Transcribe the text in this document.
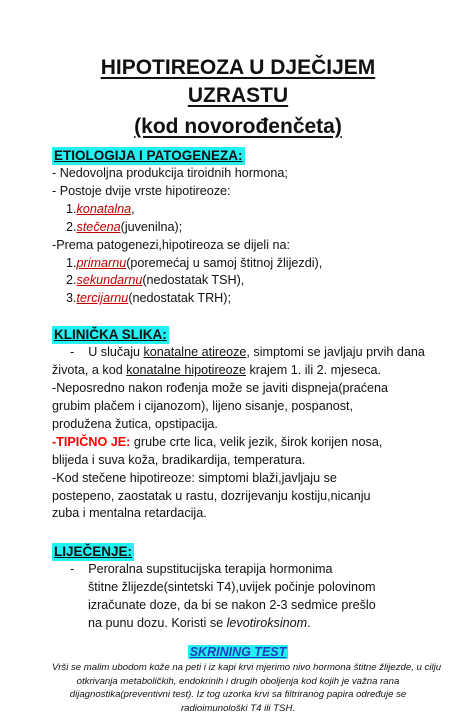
HIPOTIREOZA U DJEČIJEM UZRASTU
(kod novorođenčeta)
ETIOLOGIJA I PATOGENEZA:
- Nedovoljna produkcija tiroidnih hormona;
- Postoje dvije vrste hipotireoze:
1.konatalna,
2.stečena(juvenilna);
-Prema patogenezi,hipotireoza se dijeli na:
1.primarnu(poremećaj u samoj štitnoj žlijezdi),
2.sekundarnu(nedostatak TSH),
3.tercijarnu(nedostatak TRH);
KLINIČKA SLIKA:
- U slučaju konatalne atireoze, simptomi se javljaju prvih dana
života, a kod konatalne hipotireoze krajem 1. ili 2. mjeseca.
-Neposredno nakon rođenja može se javiti dispneja(praćena
grubim plačem i cijanozom), lijeno sisanje, pospanost,
produžena žutica, opstipacija.
-TIPIČNO JE: grube crte lica, velik jezik, širok korijen nosa,
blijeda i suva koža, bradikardija, temperatura.
-Kod stečene hipotireoze: simptomi blaži,javljaju se
postepeno, zaostatak u rastu, dozrijevanju kostiju,nicanju
zuba i mentalna retardacija.
LIJEČENJE:
- Peroralna supstitucijska terapija hormonima
štitne žlijezde(sintetski T4),uvijek počinje polovinom
izračunate doze, da bi se nakon 2-3 sedmice prešlo
na punu dozu. Koristi se levotiroksinom.
SKRINING TEST
Vrši se malim ubodom kože na peti i iz kapi krvi mjerimo nivo hormona štitne žlijezde, u cilju
otkrivanja metaboličkih, endokrinih i drugih obolјenja kod kojih je važna rana
dijagnostika(preventivni test). Iz tog uzorka krvi sa filtriranog papira određuje se
radioimunološki T4 ili TSH.
